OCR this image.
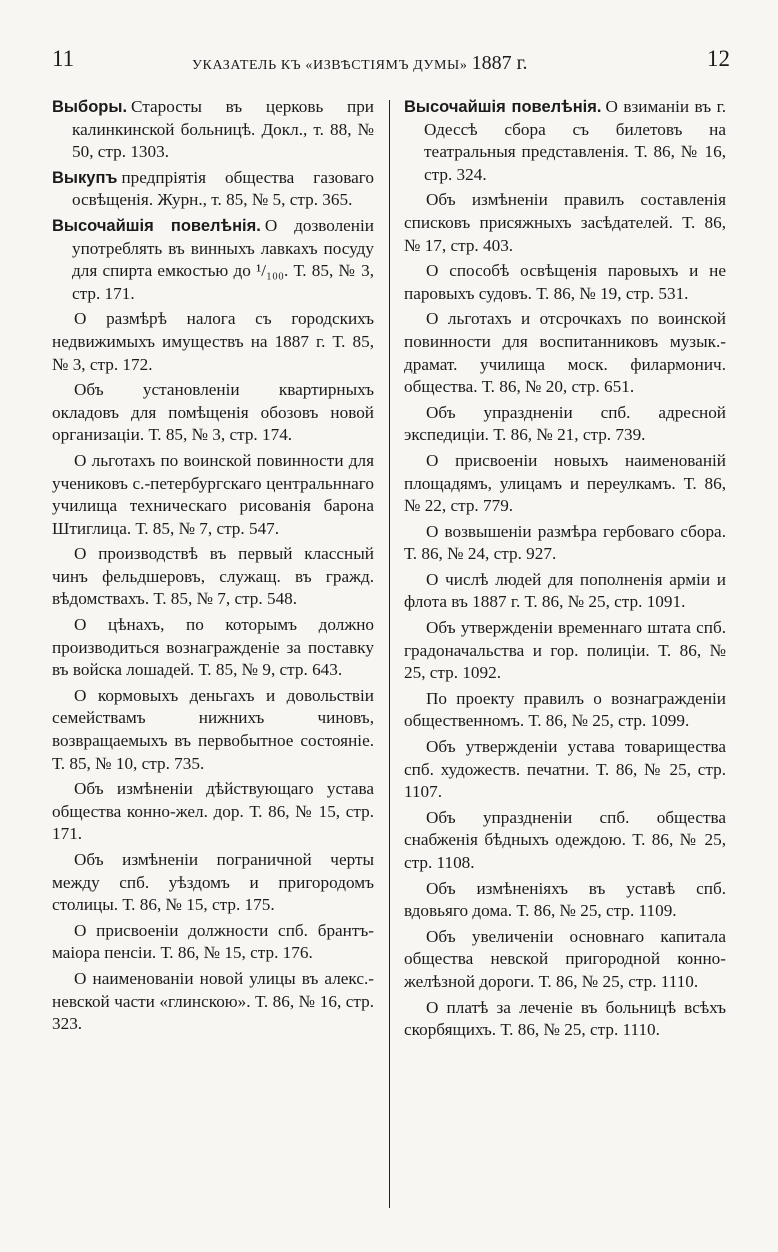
11	УКАЗАТЕЛЬ КЪ «ИЗВѢСТІЯМЪ ДУМЫ» 1887 г.	12

Выборы. Старосты въ церковь при калинкинской больницѣ. Докл., т. 88, № 50, стр. 1303.

Выкупъ предпріятія общества газоваго освѣщенія. Журн., т. 85, № 5, стр. 365.

Высочайшія повелѣнія. О дозволеніи употреблять въ винныхъ лавкахъ посуду для спирта емкостью до ¹/₁₀₀. Т. 85, № 3, стр. 171.

О размѣрѣ налога съ городскихъ недвижимыхъ имуществъ на 1887 г. Т. 85, № 3, стр. 172.

Объ установленіи квартирныхъ окладовъ для помѣщенія обозовъ новой организаціи. Т. 85, № 3, стр. 174.

О льготахъ по воинской повинности для учениковъ с.-петербургскаго центральннаго училища техническаго рисованія барона Штиглица. Т. 85, № 7, стр. 547.

О производствѣ въ первый классный чинъ фельдшеровъ, служащ. въ гражд. вѣдомствахъ. Т. 85, № 7, стр. 548.

О цѣнахъ, по которымъ должно производиться вознагражденіе за поставку въ войска лошадей. Т. 85, № 9, стр. 643.

О кормовыхъ деньгахъ и довольствіи семействамъ нижнихъ чиновъ, возвращаемыхъ въ первобытное состояніе. Т. 85, № 10, стр. 735.

Объ измѣненіи дѣйствующаго устава общества конно-жел. дор. Т. 86, № 15, стр. 171.

Объ измѣненіи пограничной черты между спб. уѣздомъ и пригородомъ столицы. Т. 86, № 15, стр. 175.

О присвоеніи должности спб. брантъ-маіора пенсіи. Т. 86, № 15, стр. 176.

О наименованіи новой улицы въ алекс.-невской части «глинскою». Т. 86, № 16, стр. 323.

Высочайшія повелѣнія. О взиманіи въ г. Одессѣ сбора съ билетовъ на театральныя представленія. Т. 86, № 16, стр. 324.

Объ измѣненіи правилъ составленія списковъ присяжныхъ засѣдателей. Т. 86, № 17, стр. 403.

О способѣ освѣщенія паровыхъ и не паровыхъ судовъ. Т. 86, № 19, стр. 531.

О льготахъ и отсрочкахъ по воинской повинности для воспитанниковъ музык.-драмат. училища моск. филармонич. общества. Т. 86, № 20, стр. 651.

Объ упраздненіи спб. адресной экспедиціи. Т. 86, № 21, стр. 739.

О присвоеніи новыхъ наименованій площадямъ, улицамъ и переулкамъ. Т. 86, № 22, стр. 779.

О возвышеніи размѣра гербоваго сбора. Т. 86, № 24, стр. 927.

О числѣ людей для пополненія арміи и флота въ 1887 г. Т. 86, № 25, стр. 1091.

Объ утвержденіи временнаго штата спб. градоначальства и гор. полиціи. Т. 86, № 25, стр. 1092.

По проекту правилъ о вознагражденіи общественномъ. Т. 86, № 25, стр. 1099.

Объ утвержденіи устава товарищества спб. художеств. печатни. Т. 86, № 25, стр. 1107.

Объ упраздненіи спб. общества снабженія бѣдныхъ одеждою. Т. 86, № 25, стр. 1108.

Объ измѣненіяхъ въ уставѣ спб. вдовьяго дома. Т. 86, № 25, стр. 1109.

Объ увеличеніи основнаго капитала общества невской пригородной конно-желѣзной дороги. Т. 86, № 25, стр. 1110.

О платѣ за леченіе въ больницѣ всѣхъ скорбящихъ. Т. 86, № 25, стр. 1110.
